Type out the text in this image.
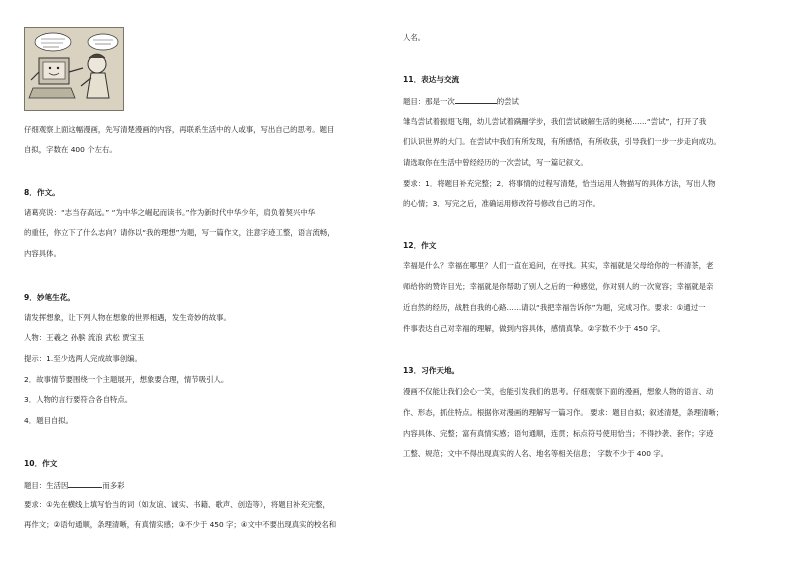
仔细观察上面这幅漫画，先写清楚漫画的内容，再联系生活中的人或事，写出自己的思考。题目
自拟，字数在 400 个左右。
8．作文。
诸葛亮说：“志当存高远。” “为中华之崛起而读书。”作为新时代中华少年，肩负着契兴中华
的重任，你立下了什么志向？请你以“我的理想”为题，写一篇作文，注意字迹工整，语言流畅，
内容具体。
9．妙笔生花。
请发挥想象，让下列人物在想象的世界相遇，发生奇妙的故事。
人物：王羲之 孙膑 流浪 武松 贾宝玉
提示：1.至少选两人完成故事创编。
2．故事情节要围绕一个主题展开，想象要合理，情节吸引人。
3．人物的言行要符合各自特点。
4．题目自拟。
10．作文
题目：生活因	而多彩
要求：①先在横线上填写恰当的词（如友谊、诚实、书籍、歌声、创造等），将题目补充完整，
再作文；②语句通顺，条理清晰，有真情实感；③不少于 450 字；④文中不要出现真实的校名和
人名。
11．表达与交流
题目：那是一次	的尝试
雏鸟尝试着振翅飞翔，幼儿尝试着蹒跚学步，我们尝试破解生活的奥秘……“尝试”，打开了我
们认识世界的大门。在尝试中我们有所发现，有所感悟，有所收获，引导我们一步一步走向成功。
请选取你在生活中曾经经历的一次尝试，写一篇记叙文。
要求：1．将题目补充完整；2．将事情的过程写清楚，恰当运用人物描写的具体方法，写出人物
的心情；3．写完之后，准确运用修改符号修改自己的习作。
12．作文
幸福是什么？幸福在哪里？人们一直在追问，在寻找。其实，幸福就是父母给你的一杯清茶，老
师给你的赞许目光；幸福就是你帮助了别人之后的一种感觉，你对别人的一次宽容；幸福就是亲
近自然的经历，战胜自我的心路……请以“我把幸福告诉你”为题，完成习作。要求：①通过一
件事表达自己对幸福的理解，做到内容具体，感情真挚。②字数不少于 450 字。
13．习作天地。
漫画不仅能让我们会心一笑，也能引发我们的思考。仔细观察下面的漫画，想象人物的语言、动
作、形态，抓住特点。根据你对漫画的理解写一篇习作。 要求：题目自拟；叙述清楚，条理清晰；
内容具体、完整；富有真情实感；语句通顺，连贯；标点符号使用恰当；不得抄袭、套作；字迹
工整、规范；文中不得出现真实的人名、地名等相关信息； 字数不少于 400 字。
